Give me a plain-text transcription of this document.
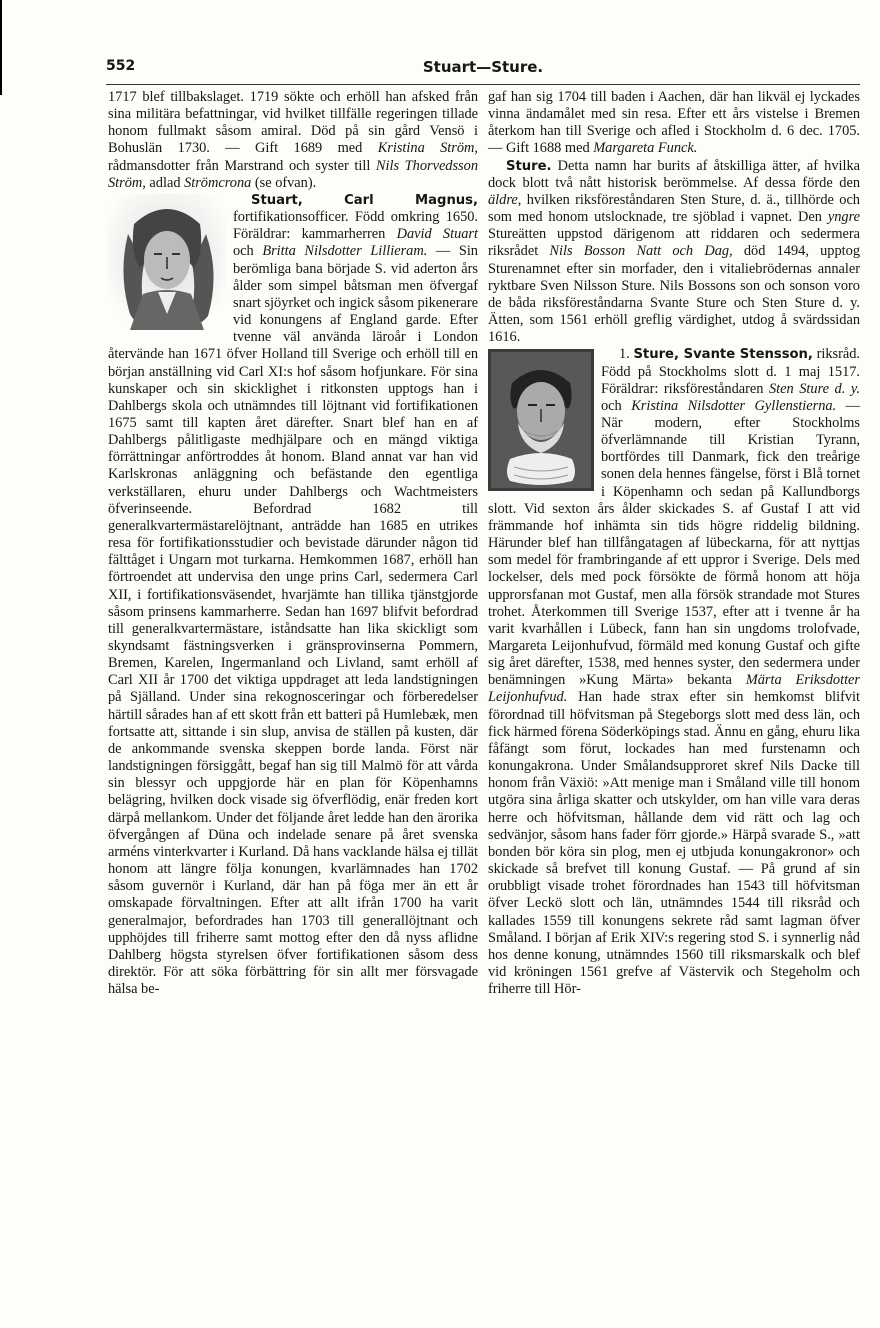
552	Stuart—Sture.

1717 blef tillbakslaget. 1719 sökte och erhöll han afsked från sina militära befattningar, vid hvilket tillfälle regeringen tillade honom fullmakt såsom amiral. Död på sin gård Vensö i Bohuslän 1730. — Gift 1689 med Kristina Ström, rådmansdotter från Marstrand och syster till Nils Thorvedsson Ström, adlad Strömcrona (se ofvan).

Stuart, Carl Magnus,
fortifikationsofficer. Född omkring 1650. Föräldrar: kammarherren David Stuart och Britta Nilsdotter Lillieram. — Sin berömliga bana började S. vid aderton års ålder som simpel båtsman men öfvergaf snart sjöyrket och ingick såsom pikenerare vid konungens af England garde. Efter tvenne väl använda läroår i London återvände han 1671 öfver Holland till Sverige och erhöll till en början anställning vid Carl XI:s hof såsom hofjunkare. För sina kunskaper och sin skicklighet i ritkonsten upptogs han i Dahlbergs skola och utnämndes till löjtnant vid fortifikationen 1675 samt till kapten året därefter. Snart blef han en af Dahlbergs pålitligaste medhjälpare och en mängd viktiga förrättningar anförtroddes åt honom. Bland annat var han vid Karlskronas anläggning och befästande den egentliga verkställaren, ehuru under Dahlbergs och Wachtmeisters öfverinseende. Befordrad 1682 till generalkvartermästarelöjtnant, anträdde han 1685 en utrikes resa för fortifikationsstudier och bevistade därunder någon tid fälttåget i Ungarn mot turkarna. Hemkommen 1687, erhöll han förtroendet att undervisa den unge prins Carl, sedermera Carl XII, i fortifikationsväsendet, hvarjämte han tillika tjänstgjorde såsom prinsens kammarherre. Sedan han 1697 blifvit befordrad till generalkvartermästare, iståndsatte han lika skickligt som skyndsamt fästningsverken i gränsprovinserna Pommern, Bremen, Karelen, Ingermanland och Livland, samt erhöll af Carl XII år 1700 det viktiga uppdraget att leda landstigningen på Själland. Under sina rekognosceringar och förberedelser härtill sårades han af ett skott från ett batteri på Humlebæk, men fortsatte att, sittande i sin slup, anvisa de ställen på kusten, där de ankommande svenska skeppen borde landa. Först när landstigningen försiggått, begaf han sig till Malmö för att vårda sin blessyr och uppgjorde här en plan för Köpenhamns belägring, hvilken dock visade sig öfverflödig, enär freden kort därpå mellankom. Under det följande året ledde han den ärorika öfvergången af Düna och indelade senare på året svenska arméns vinterkvarter i Kurland. Då hans vacklande hälsa ej tillät honom att längre följa konungen, kvarlämnades han 1702 såsom guvernör i Kurland, där han på föga mer än ett år omskapade förvaltningen. Efter att allt ifrån 1700 ha varit generalmajor, befordrades han 1703 till generallöjtnant och upphöjdes till friherre samt mottog efter den då nyss aflidne Dahlberg högsta styrelsen öfver fortifikationen såsom dess direktör. För att söka förbättring för sin allt mer försvagade hälsa be-

gaf han sig 1704 till baden i Aachen, där han likväl ej lyckades vinna ändamålet med sin resa. Efter ett års vistelse i Bremen återkom han till Sverige och afled i Stockholm d. 6 dec. 1705. — Gift 1688 med Margareta Funck.

Sture. Detta namn har burits af åtskilliga ätter, af hvilka dock blott två nått historisk berömmelse. Af dessa förde den äldre, hvilken riksföreståndaren Sten Sture, d. ä., tillhörde och som med honom utslocknade, tre sjöblad i vapnet. Den yngre Stureätten uppstod därigenom att riddaren och sedermera riksrådet Nils Bosson Natt och Dag, död 1494, upptog Sturenamnet efter sin morfader, den i vitaliebrödernas annaler ryktbare Sven Nilsson Sture. Nils Bossons son och sonson voro de båda riksföreståndarna Svante Sture och Sten Sture d. y. Ätten, som 1561 erhöll greflig värdighet, utdog å svärdssidan 1616.

1. Sture, Svante Stensson,
riksråd. Född på Stockholms slott d. 1 maj 1517. Föräldrar: riksföreståndaren Sten Sture d. y. och Kristina Nilsdotter Gyllenstierna. — När modern, efter Stockholms öfverlämnande till Kristian Tyrann, bortfördes till Danmark, fick den treårige sonen dela hennes fängelse, först i Blå tornet i Köpenhamn och sedan på Kallundborgs slott. Vid sexton års ålder skickades S. af Gustaf I att vid främmande hof inhämta sin tids högre riddelig bildning. Härunder blef han tillfångatagen af lübeckarna, för att nyttjas som medel för frambringande af ett uppror i Sverige. Dels med lockelser, dels med pock försökte de förmå honom att höja upprorsfanan mot Gustaf, men alla försök strandade mot Stures trohet. Återkommen till Sverige 1537, efter att i tvenne år ha varit kvarhållen i Lübeck, fann han sin ungdoms trolofvade, Margareta Leijonhufvud, förmäld med konung Gustaf och gifte sig året därefter, 1538, med hennes syster, den sedermera under benämningen »Kung Märta» bekanta Märta Eriksdotter Leijonhufvud. Han hade strax efter sin hemkomst blifvit förordnad till höfvitsman på Stegeborgs slott med dess län, och fick härmed förena Söderköpings stad. Ännu en gång, ehuru lika fåfängt som förut, lockades han med furstenamn och konungakrona. Under Smålandsupproret skref Nils Dacke till honom från Växiö: »Att menige man i Småland ville till honom utgöra sina årliga skatter och utskylder, om han ville vara deras herre och höfvitsman, hållande dem vid rätt och lag och sedvänjor, såsom hans fader förr gjorde.» Härpå svarade S., »att bonden bör köra sin plog, men ej utbjuda konungakronor» och skickade så brefvet till konung Gustaf. — På grund af sin orubbligt visade trohet förordnades han 1543 till höfvitsman öfver Leckö slott och län, utnämndes 1544 till riksråd och kallades 1559 till konungens sekrete råd samt lagman öfver Småland. I början af Erik XIV:s regering stod S. i synnerlig nåd hos denne konung, utnämndes 1560 till riksmarskalk och blef vid kröningen 1561 grefve af Västervik och Stegeholm och friherre till Hör-
